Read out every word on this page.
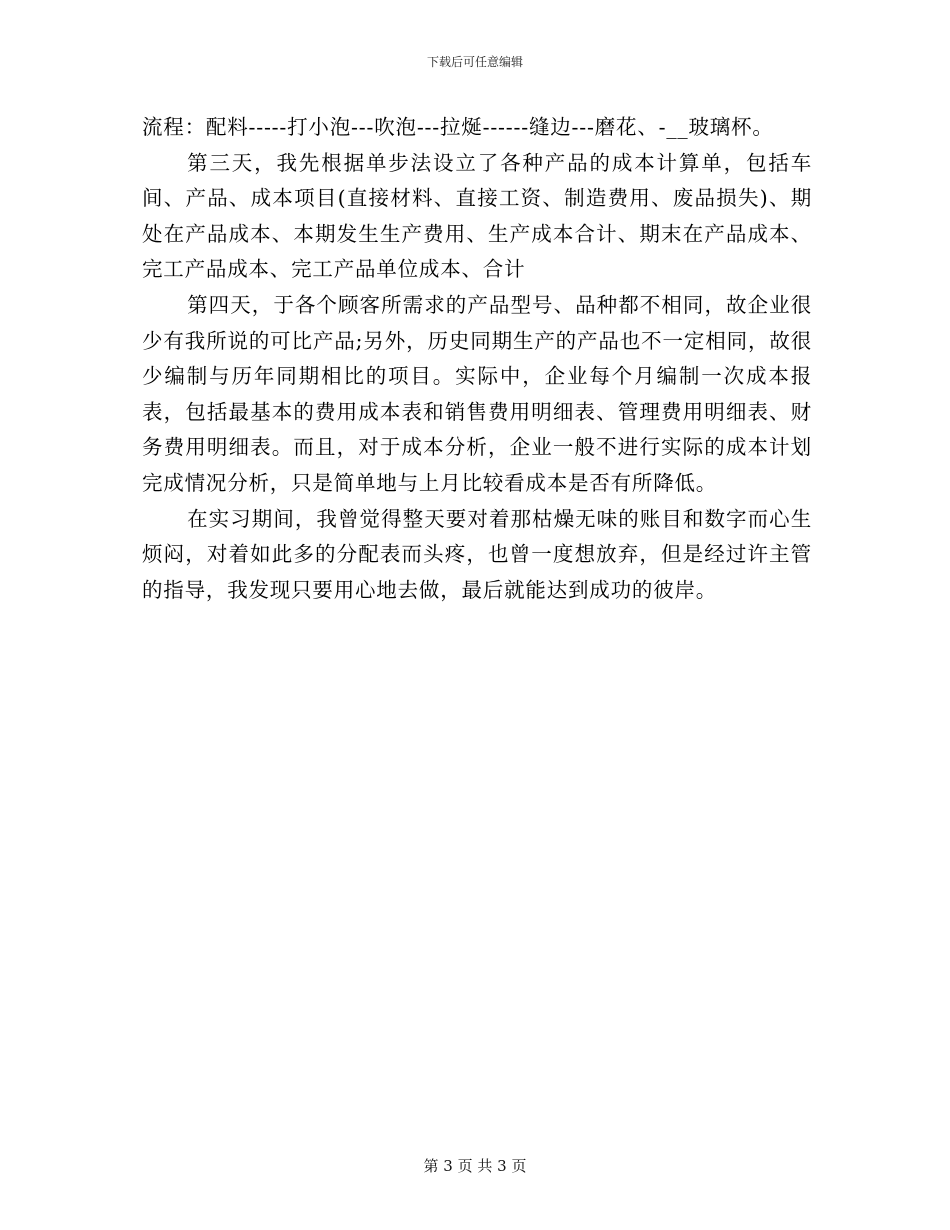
下载后可任意编辑

流程：配料-----打小泡---吹泡---拉烻------缝边---磨花、-__玻璃杯。

第三天，我先根据单步法设立了各种产品的成本计算单，包括车间、产品、成本项目(直接材料、直接工资、制造费用、废品损失)、期处在产品成本、本期发生生产费用、生产成本合计、期末在产品成本、完工产品成本、完工产品单位成本、合计

第四天，于各个顾客所需求的产品型号、品种都不相同，故企业很少有我所说的可比产品;另外，历史同期生产的产品也不一定相同，故很少编制与历年同期相比的项目。实际中，企业每个月编制一次成本报表，包括最基本的费用成本表和销售费用明细表、管理费用明细表、财务费用明细表。而且，对于成本分析，企业一般不进行实际的成本计划完成情况分析，只是简单地与上月比较看成本是否有所降低。

在实习期间，我曾觉得整天要对着那枯燥无味的账目和数字而心生烦闷，对着如此多的分配表而头疼，也曾一度想放弃，但是经过许主管的指导，我发现只要用心地去做，最后就能达到成功的彼岸。

第 3 页 共 3 页
